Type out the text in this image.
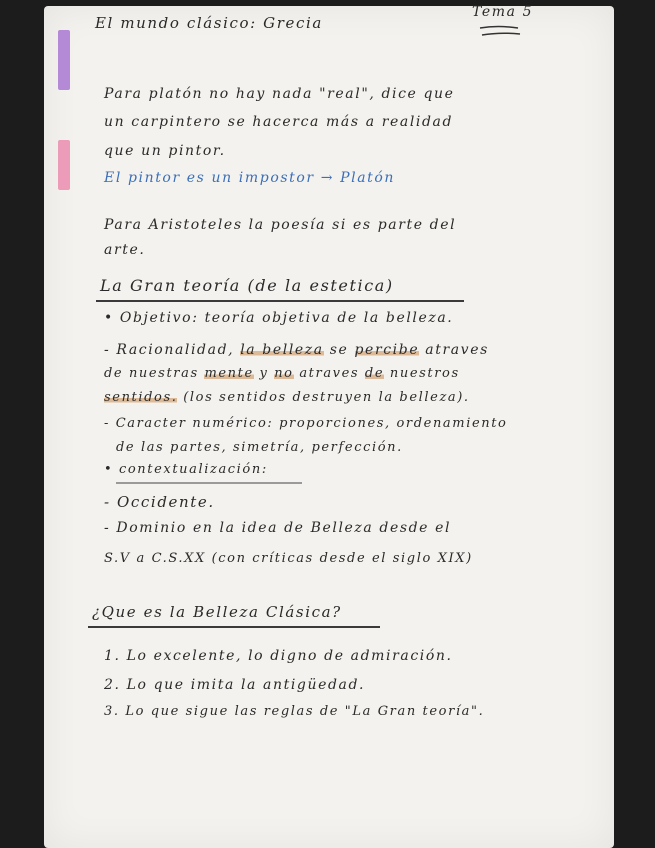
El mundo clásico: Grecia
Tema 5
Para platón no hay nada "real", dice que
un carpintero se hacerca más a realidad
que un pintor.
El pintor es un impostor → Platón
Para Aristoteles la poesía si es parte del
arte.
La Gran teoría (de la estetica)
• Objetivo: teoría objetiva de la belleza.
- Racionalidad, la belleza se percibe atraves
de nuestras mente y no atraves de nuestros
sentidos. (los sentidos destruyen la belleza).
- Caracter numérico: proporciones, ordenamiento
de las partes, simetría, perfección.
• contextualización:
- Occidente.
- Dominio en la idea de Belleza desde el
S.V a C.S.XX (con críticas desde el siglo XIX)
¿Que es la Belleza Clásica?
1. Lo excelente, lo digno de admiración.
2. Lo que imita la antigüedad.
3. Lo que sigue las reglas de "La Gran teoría".
